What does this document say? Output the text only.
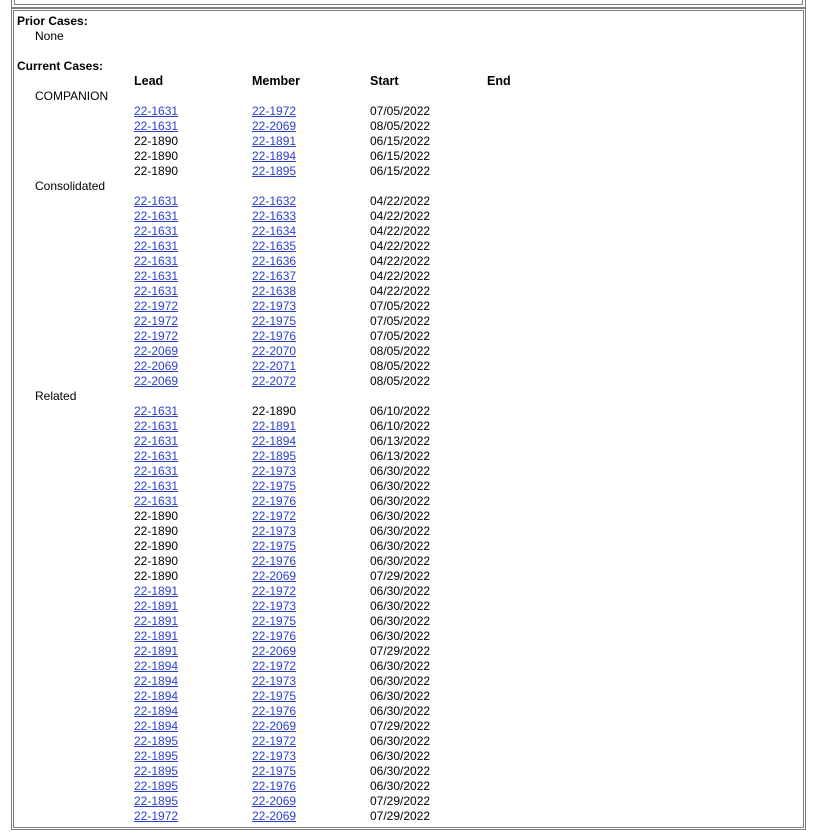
Prior Cases:
None
Current Cases:
Lead	Member	Start	End
COMPANION
22-1631	22-1972	07/05/2022
22-1631	22-2069	08/05/2022
22-1890	22-1891	06/15/2022
22-1890	22-1894	06/15/2022
22-1890	22-1895	06/15/2022
Consolidated
22-1631	22-1632	04/22/2022
22-1631	22-1633	04/22/2022
22-1631	22-1634	04/22/2022
22-1631	22-1635	04/22/2022
22-1631	22-1636	04/22/2022
22-1631	22-1637	04/22/2022
22-1631	22-1638	04/22/2022
22-1972	22-1973	07/05/2022
22-1972	22-1975	07/05/2022
22-1972	22-1976	07/05/2022
22-2069	22-2070	08/05/2022
22-2069	22-2071	08/05/2022
22-2069	22-2072	08/05/2022
Related
22-1631	22-1890	06/10/2022
22-1631	22-1891	06/10/2022
22-1631	22-1894	06/13/2022
22-1631	22-1895	06/13/2022
22-1631	22-1973	06/30/2022
22-1631	22-1975	06/30/2022
22-1631	22-1976	06/30/2022
22-1890	22-1972	06/30/2022
22-1890	22-1973	06/30/2022
22-1890	22-1975	06/30/2022
22-1890	22-1976	06/30/2022
22-1890	22-2069	07/29/2022
22-1891	22-1972	06/30/2022
22-1891	22-1973	06/30/2022
22-1891	22-1975	06/30/2022
22-1891	22-1976	06/30/2022
22-1891	22-2069	07/29/2022
22-1894	22-1972	06/30/2022
22-1894	22-1973	06/30/2022
22-1894	22-1975	06/30/2022
22-1894	22-1976	06/30/2022
22-1894	22-2069	07/29/2022
22-1895	22-1972	06/30/2022
22-1895	22-1973	06/30/2022
22-1895	22-1975	06/30/2022
22-1895	22-1976	06/30/2022
22-1895	22-2069	07/29/2022
22-1972	22-2069	07/29/2022
